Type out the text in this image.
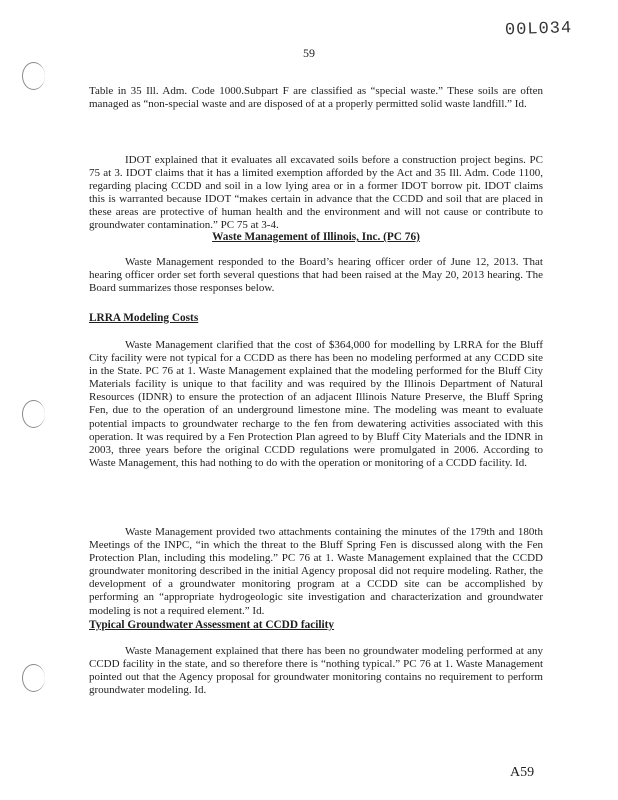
00L034
59

Table in 35 Ill. Adm. Code 1000.Subpart F are classified as “special waste.” These soils are often managed as “non-special waste and are disposed of at a properly permitted solid waste landfill.” Id.

IDOT explained that it evaluates all excavated soils before a construction project begins. PC 75 at 3. IDOT claims that it has a limited exemption afforded by the Act and 35 Ill. Adm. Code 1100, regarding placing CCDD and soil in a low lying area or in a former IDOT borrow pit. IDOT claims this is warranted because IDOT “makes certain in advance that the CCDD and soil that are placed in these areas are protective of human health and the environment and will not cause or contribute to groundwater contamination.” PC 75 at 3-4.

Waste Management of Illinois, Inc. (PC 76)

Waste Management responded to the Board’s hearing officer order of June 12, 2013. That hearing officer order set forth several questions that had been raised at the May 20, 2013 hearing. The Board summarizes those responses below.

LRRA Modeling Costs

Waste Management clarified that the cost of $364,000 for modelling by LRRA for the Bluff City facility were not typical for a CCDD as there has been no modeling performed at any CCDD site in the State. PC 76 at 1. Waste Management explained that the modeling performed for the Bluff City Materials facility is unique to that facility and was required by the Illinois Department of Natural Resources (IDNR) to ensure the protection of an adjacent Illinois Nature Preserve, the Bluff Spring Fen, due to the operation of an underground limestone mine. The modeling was meant to evaluate potential impacts to groundwater recharge to the fen from dewatering activities associated with this operation. It was required by a Fen Protection Plan agreed to by Bluff City Materials and the IDNR in 2003, three years before the original CCDD regulations were promulgated in 2006. According to Waste Management, this had nothing to do with the operation or monitoring of a CCDD facility. Id.

Waste Management provided two attachments containing the minutes of the 179th and 180th Meetings of the INPC, “in which the threat to the Bluff Spring Fen is discussed along with the Fen Protection Plan, including this modeling.” PC 76 at 1. Waste Management explained that the CCDD groundwater monitoring described in the initial Agency proposal did not require modeling. Rather, the development of a groundwater monitoring program at a CCDD site can be accomplished by performing an “appropriate hydrogeologic site investigation and characterization and groundwater modeling is not a required element.” Id.

Typical Groundwater Assessment at CCDD facility

Waste Management explained that there has been no groundwater modeling performed at any CCDD facility in the state, and so therefore there is “nothing typical.” PC 76 at 1. Waste Management pointed out that the Agency proposal for groundwater monitoring contains no requirement to perform groundwater modeling. Id.

A59
